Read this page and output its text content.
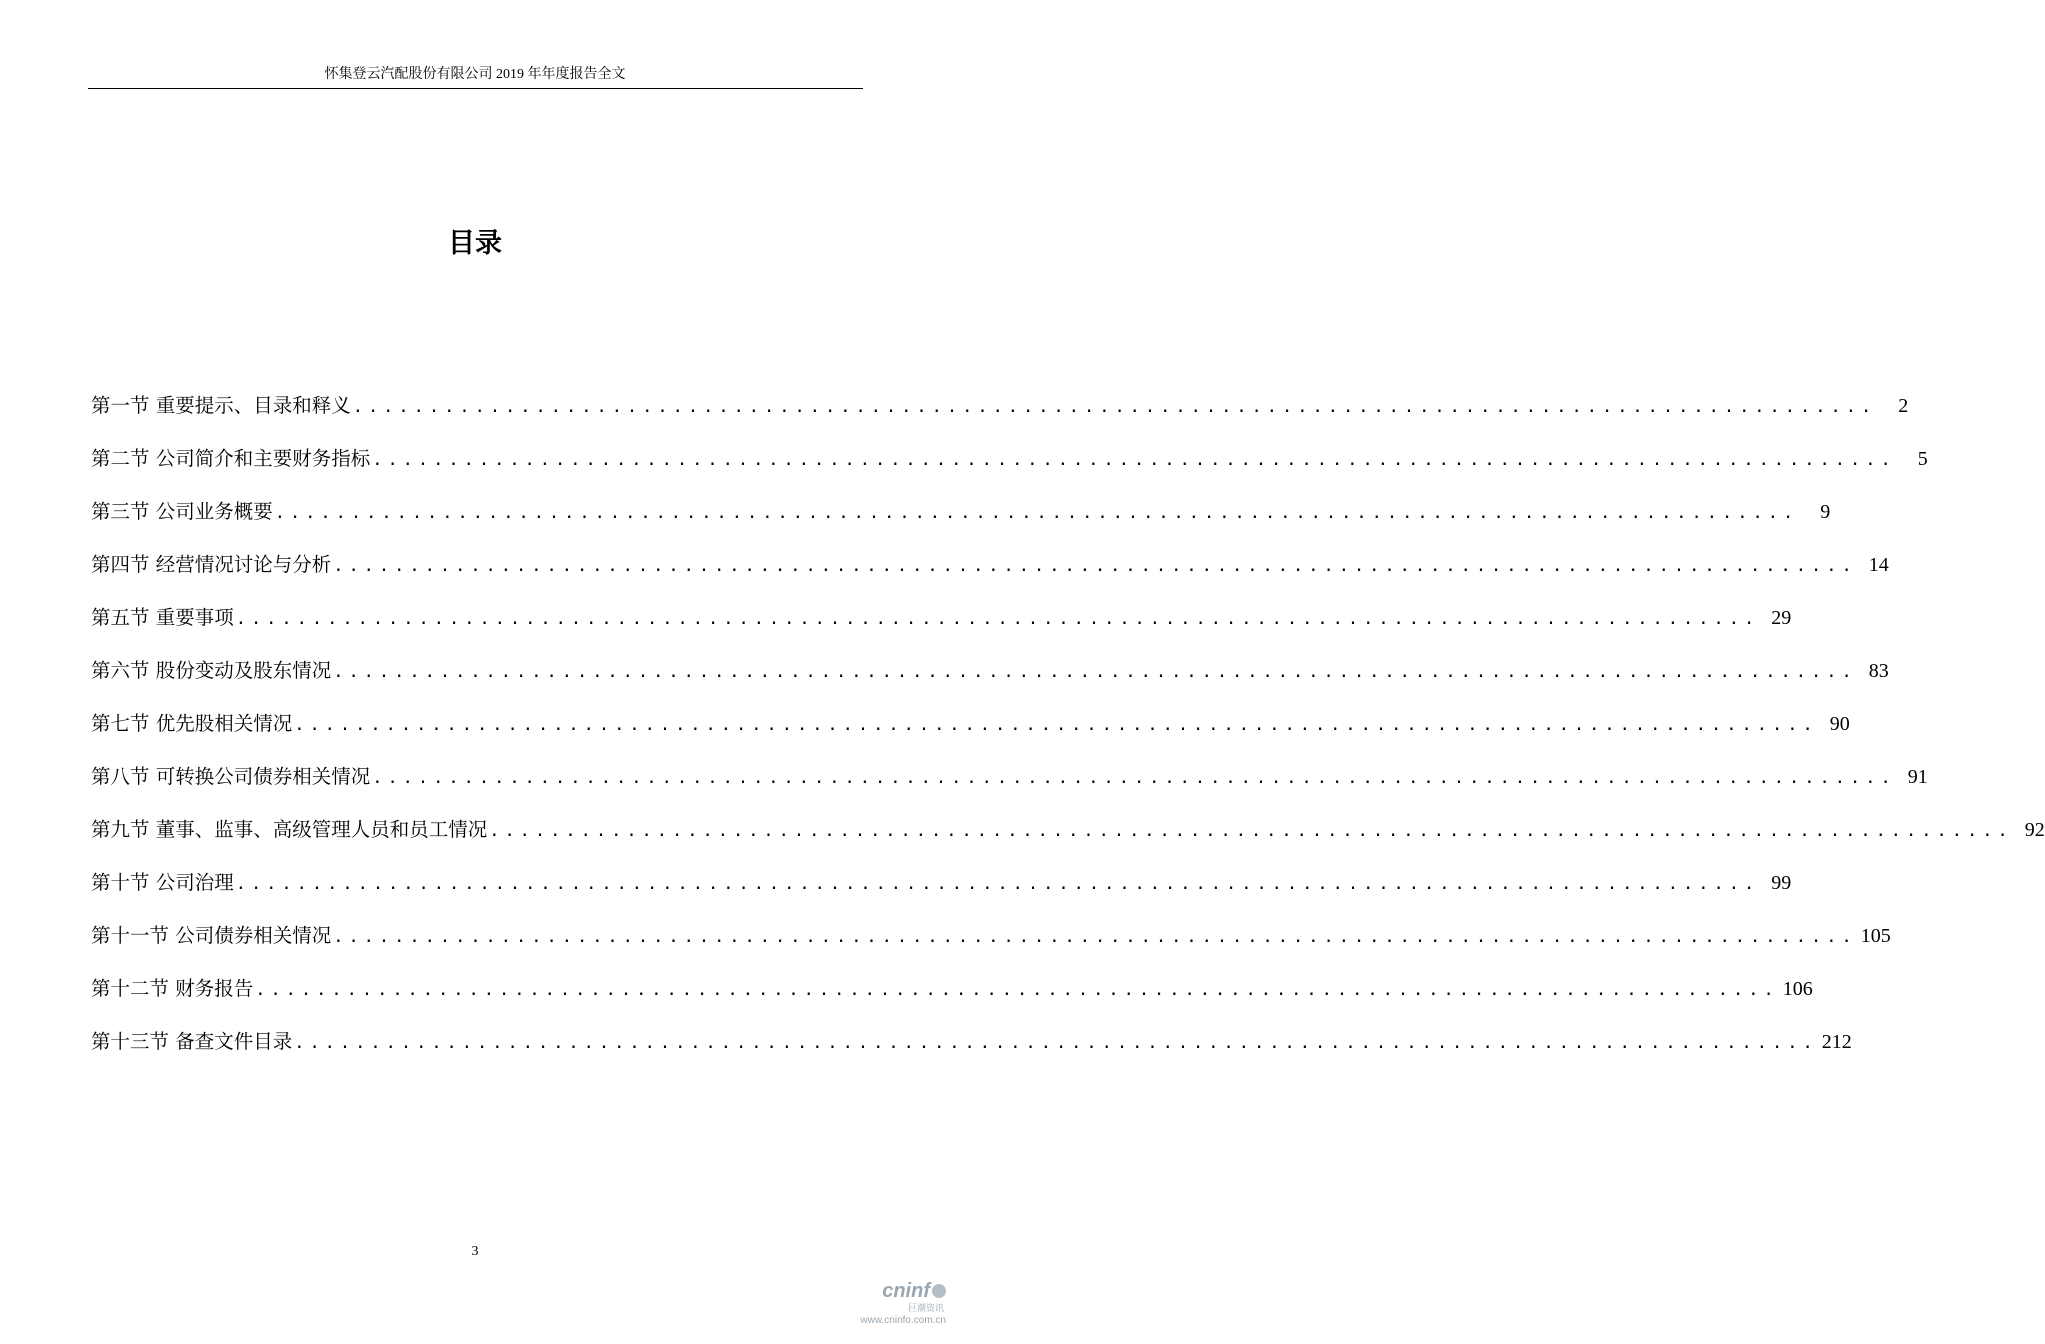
怀集登云汽配股份有限公司 2019 年年度报告全文
目录
第一节 重要提示、目录和释义 ....................................................................................................	2
第二节 公司简介和主要财务指标 ....................................................................................................	5
第三节 公司业务概要 ....................................................................................................	9
第四节 经营情况讨论与分析 .................................................................................................... 14
第五节 重要事项 .................................................................................................... 29
第六节 股份变动及股东情况 .................................................................................................... 83
第七节 优先股相关情况 .................................................................................................... 90
第八节 可转换公司债券相关情况 .................................................................................................... 91
第九节 董事、监事、高级管理人员和员工情况 .................................................................................................... 92
第十节 公司治理 .................................................................................................... 99
第十一节 公司债券相关情况 .................................................................................................... 105
第十二节 财务报告 .................................................................................................... 106
第十三节 备查文件目录 .................................................................................................... 212
3
cninf
巨潮资讯
www.cninfo.com.cn
